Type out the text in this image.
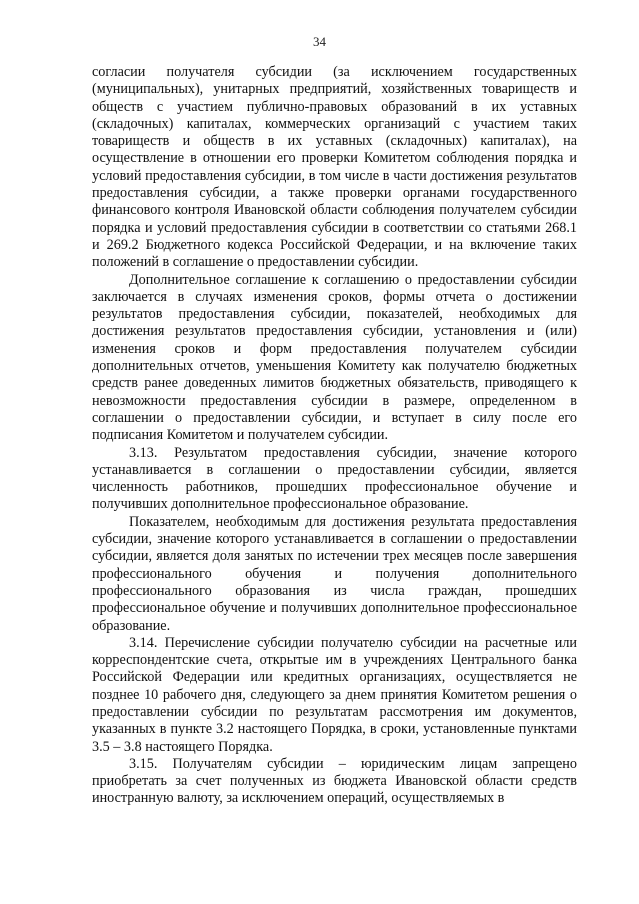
34

согласии получателя субсидии (за исключением государственных (муниципальных), унитарных предприятий, хозяйственных товариществ и обществ с участием публично-правовых образований в их уставных (складочных) капиталах, коммерческих организаций с участием таких товариществ и обществ в их уставных (складочных) капиталах), на осуществление в отношении его проверки Комитетом соблюдения порядка и условий предоставления субсидии, в том числе в части достижения результатов предоставления субсидии, а также проверки органами государственного финансового контроля Ивановской области соблюдения получателем субсидии порядка и условий предоставления субсидии в соответствии со статьями 268.1 и 269.2 Бюджетного кодекса Российской Федерации, и на включение таких положений в соглашение о предоставлении субсидии.

Дополнительное соглашение к соглашению о предоставлении субсидии заключается в случаях изменения сроков, формы отчета о достижении результатов предоставления субсидии, показателей, необходимых для достижения результатов предоставления субсидии, установления и (или) изменения сроков и форм предоставления получателем субсидии дополнительных отчетов, уменьшения Комитету как получателю бюджетных средств ранее доведенных лимитов бюджетных обязательств, приводящего к невозможности предоставления субсидии в размере, определенном в соглашении о предоставлении субсидии, и вступает в силу после его подписания Комитетом и получателем субсидии.

3.13. Результатом предоставления субсидии, значение которого устанавливается в соглашении о предоставлении субсидии, является численность работников, прошедших профессиональное обучение и получивших дополнительное профессиональное образование.

Показателем, необходимым для достижения результата предоставления субсидии, значение которого устанавливается в соглашении о предоставлении субсидии, является доля занятых по истечении трех месяцев после завершения профессионального обучения и получения дополнительного профессионального образования из числа граждан, прошедших профессиональное обучение и получивших дополнительное профессиональное образование.

3.14. Перечисление субсидии получателю субсидии на расчетные или корреспондентские счета, открытые им в учреждениях Центрального банка Российской Федерации или кредитных организациях, осуществляется не позднее 10 рабочего дня, следующего за днем принятия Комитетом решения о предоставлении субсидии по результатам рассмотрения им документов, указанных в пункте 3.2 настоящего Порядка, в сроки, установленные пунктами 3.5 – 3.8 настоящего Порядка.

3.15. Получателям субсидии – юридическим лицам запрещено приобретать за счет полученных из бюджета Ивановской области средств иностранную валюту, за исключением операций, осуществляемых в
